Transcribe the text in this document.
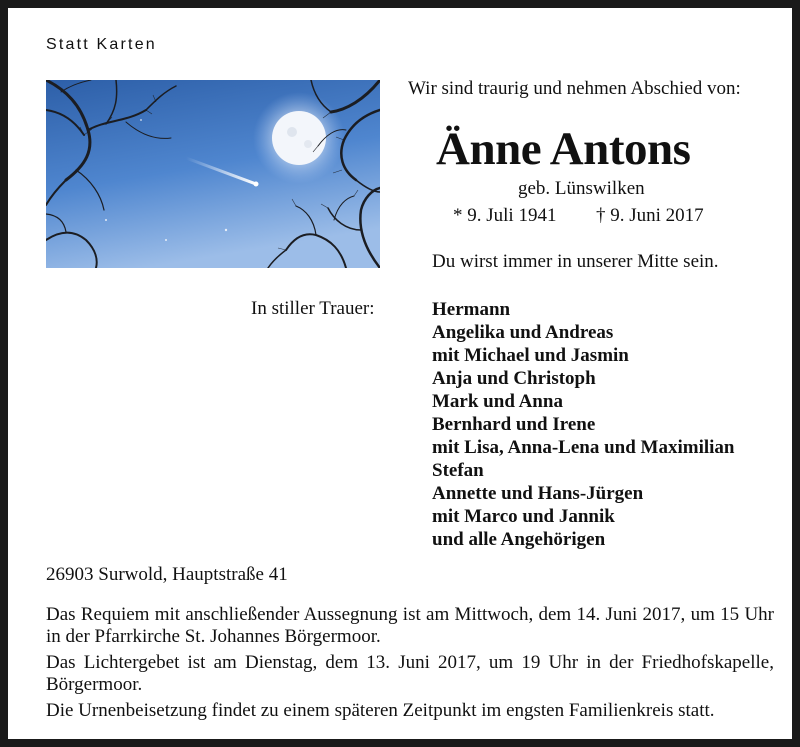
Statt Karten
Wir sind traurig und nehmen Abschied von:
Änne Antons
geb. Lünswilken
* 9. Juli 1941 † 9. Juni 2017
Du wirst immer in unserer Mitte sein.
In stiller Trauer:	Hermann
Angelika und Andreas
mit Michael und Jasmin
Anja und Christoph
Mark und Anna
Bernhard und Irene
mit Lisa, Anna-Lena und Maximilian
Stefan
Annette und Hans-Jürgen
mit Marco und Jannik
und alle Angehörigen
26903 Surwold, Hauptstraße 41

Das Requiem mit anschließender Aussegnung ist am Mittwoch, dem 14. Juni 2017, um 15 Uhr in der Pfarrkirche St. Johannes Börgermoor.

Das Lichtergebet ist am Dienstag, dem 13. Juni 2017, um 19 Uhr in der Friedhofskapelle, Börgermoor.

Die Urnenbeisetzung findet zu einem späteren Zeitpunkt im engsten Familienkreis statt.
